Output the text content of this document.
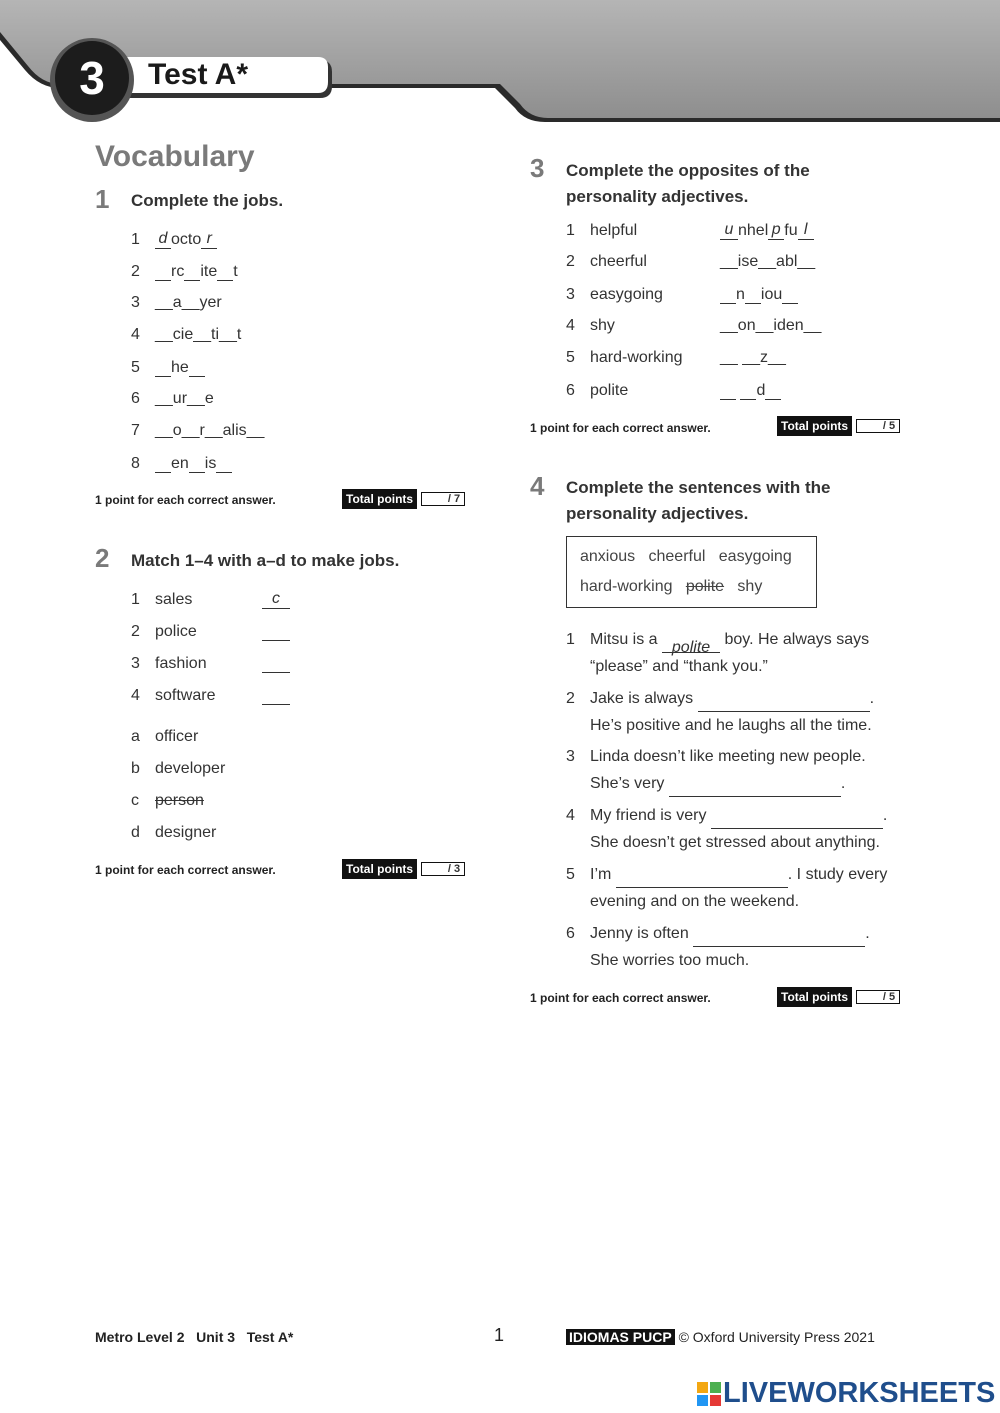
3	Test A*
Vocabulary
1 Complete the jobs.
1 d octo r
2 rc ite t
3 __a__yer
4 __cie__ti__t
5 he
6 __ur__e
7 __o__r__alis__
8 en is
1 point for each correct answer.	Total points	/ 7
2 Match 1–4 with a–d to make jobs.
1 sales	c
2 police
3 fashion
4 software
a officer
b developer
c person
d designer
1 point for each correct answer.	Total points	/ 3
3 Complete the opposites of the personality adjectives.
1 helpful	u nhel p fu l
2 cheerful	__ise__abl__
3 easygoing	n iou
4 shy	__on__iden__
5 hard-working __ __z__
6 polite	d
1 point for each correct answer.	Total points	/ 5
4 Complete the sentences with the personality adjectives.
anxious cheerful easygoing
hard-working polite shy
1 Mitsu is a polite boy. He always says
“please” and “thank you.”
2 Jake is always	.
He’s positive and he laughs all the time.
3 Linda doesn’t like meeting new people.
She’s very	.
4 My friend is very	.
She doesn’t get stressed about anything.
5 I’m	. I study every
evening and on the weekend.
6 Jenny is often	.
She worries too much.
1 point for each correct answer.	Total points	/ 5
Metro Level 2   Unit 3   Test A*	1	IDIOMAS PUCP © Oxford University Press 2021
LIVEWORKSHEETS
